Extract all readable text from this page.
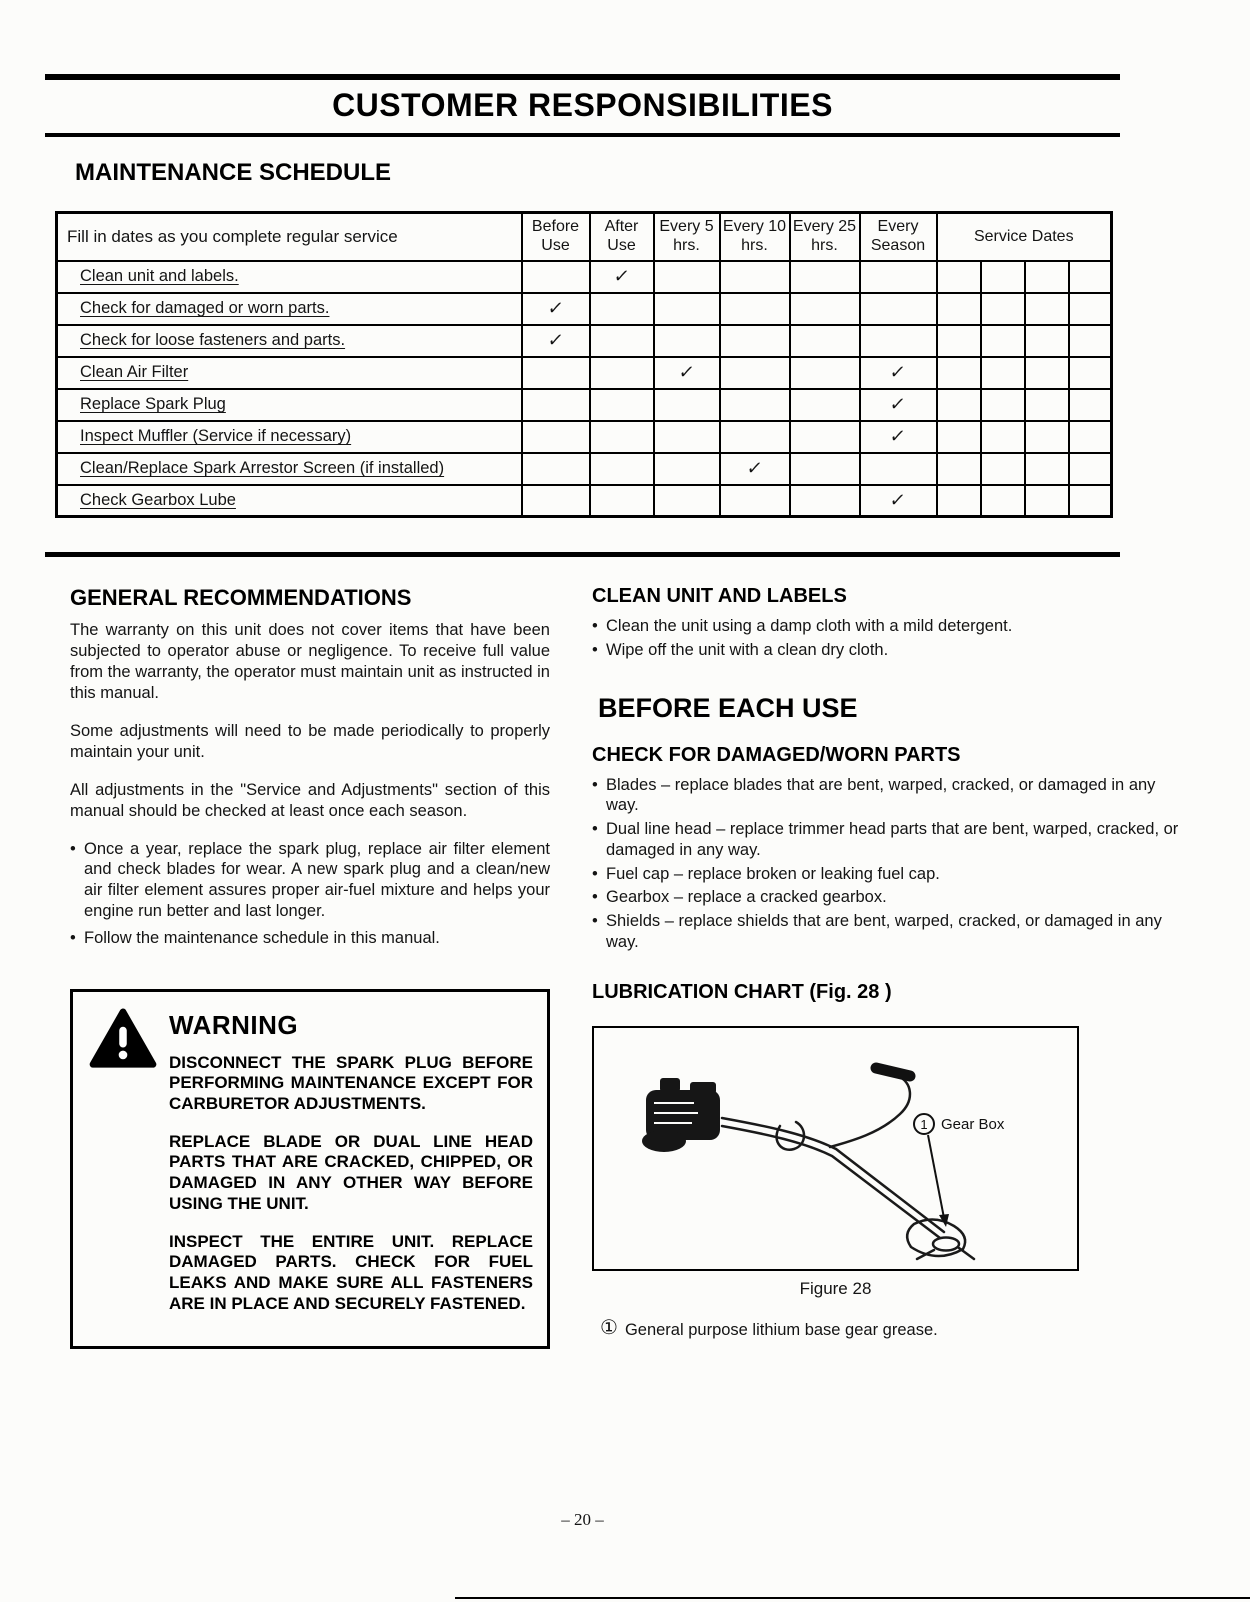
CUSTOMER RESPONSIBILITIES
MAINTENANCE SCHEDULE
Fill in dates as you complete regular service	Before Use	After Use	Every 5 hrs.	Every 10 hrs.	Every 25 hrs.	Every Season	Service Dates			
Clean unit and labels.		✓								
Check for damaged or worn parts.	✓									
Check for loose fasteners and parts.	✓									
Clean Air Filter			✓			✓				
Replace Spark Plug						✓				
Inspect Muffler (Service if necessary)						✓				
Clean/Replace Spark Arrestor Screen (if installed)				✓						
Check Gearbox Lube						✓				
GENERAL RECOMMENDATIONS

The warranty on this unit does not cover items that have been subjected to operator abuse or negligence. To receive full value from the warranty, the operator must maintain unit as instructed in this manual.

Some adjustments will need to be made periodically to properly maintain your unit.

All adjustments in the "Service and Adjustments" section of this manual should be checked at least once each season.

• Once a year, replace the spark plug, replace air filter element and check blades for wear. A new spark plug and a clean/new air filter element assures proper air-fuel mixture and helps your engine run better and last longer.
• Follow the maintenance schedule in this manual.
WARNING

DISCONNECT THE SPARK PLUG BEFORE PERFORMING MAINTENANCE EXCEPT FOR CARBURETOR ADJUSTMENTS.

REPLACE BLADE OR DUAL LINE HEAD PARTS THAT ARE CRACKED, CHIPPED, OR DAMAGED IN ANY OTHER WAY BEFORE USING THE UNIT.

INSPECT THE ENTIRE UNIT. REPLACE DAMAGED PARTS. CHECK FOR FUEL LEAKS AND MAKE SURE ALL FASTENERS ARE IN PLACE AND SECURELY FASTENED.

CLEAN UNIT AND LABELS
• Clean the unit using a damp cloth with a mild detergent.
• Wipe off the unit with a clean dry cloth.
BEFORE EACH USE
CHECK FOR DAMAGED/WORN PARTS
• Blades – replace blades that are bent, warped, cracked, or damaged in any way.
• Dual line head – replace trimmer head parts that are bent, warped, cracked, or damaged in any way.
• Fuel cap – replace broken or leaking fuel cap.
• Gearbox – replace a cracked gearbox.
• Shields – replace shields that are bent, warped, cracked, or damaged in any way.
LUBRICATION CHART (Fig. 28 )
1 Gear Box
Figure 28
① General purpose lithium base gear grease.
– 20 –
